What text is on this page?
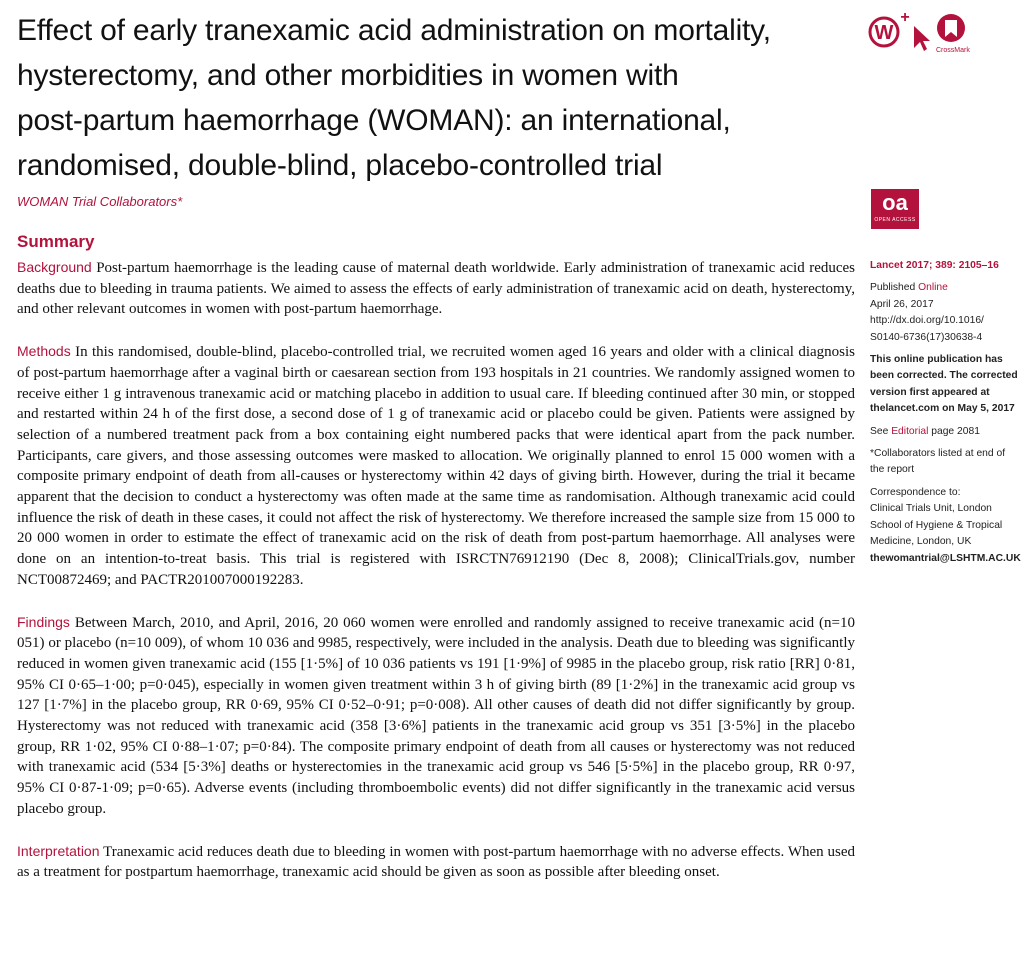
Effect of early tranexamic acid administration on mortality,
hysterectomy, and other morbidities in women with
post-partum haemorrhage (WOMAN): an international,
randomised, double-blind, placebo-controlled trial
W
+
CrossMark
WOMAN Trial Collaborators*	oa
OPEN ACCESS
Summary

Background Post-partum haemorrhage is the leading cause of maternal death worldwide. Early administration of tranexamic acid reduces deaths due to bleeding in trauma patients. We aimed to assess the effects of early administration of tranexamic acid on death, hysterectomy, and other relevant outcomes in women with post-partum haemorrhage.

Methods In this randomised, double-blind, placebo-controlled trial, we recruited women aged 16 years and older with a clinical diagnosis of post-partum haemorrhage after a vaginal birth or caesarean section from 193 hospitals in 21 countries. We randomly assigned women to receive either 1 g intravenous tranexamic acid or matching placebo in addition to usual care. If bleeding continued after 30 min, or stopped and restarted within 24 h of the first dose, a second dose of 1 g of tranexamic acid or placebo could be given. Patients were assigned by selection of a numbered treatment pack from a box containing eight numbered packs that were identical apart from the pack number. Participants, care givers, and those assessing outcomes were masked to allocation. We originally planned to enrol 15 000 women with a composite primary endpoint of death from all-causes or hysterectomy within 42 days of giving birth. However, during the trial it became apparent that the decision to conduct a hysterectomy was often made at the same time as randomisation. Although tranexamic acid could influence the risk of death in these cases, it could not affect the risk of hysterectomy. We therefore increased the sample size from 15 000 to 20 000 women in order to estimate the effect of tranexamic acid on the risk of death from post-partum haemorrhage. All analyses were done on an intention-to-treat basis. This trial is registered with ISRCTN76912190 (Dec 8, 2008); ClinicalTrials.gov, number NCT00872469; and PACTR201007000192283.

Findings Between March, 2010, and April, 2016, 20 060 women were enrolled and randomly assigned to receive tranexamic acid (n=10 051) or placebo (n=10 009), of whom 10 036 and 9985, respectively, were included in the analysis. Death due to bleeding was significantly reduced in women given tranexamic acid (155 [1·5%] of 10 036 patients vs 191 [1·9%] of 9985 in the placebo group, risk ratio [RR] 0·81, 95% CI 0·65–1·00; p=0·045), especially in women given treatment within 3 h of giving birth (89 [1·2%] in the tranexamic acid group vs 127 [1·7%] in the placebo group, RR 0·69, 95% CI 0·52–0·91; p=0·008). All other causes of death did not differ significantly by group. Hysterectomy was not reduced with tranexamic acid (358 [3·6%] patients in the tranexamic acid group vs 351 [3·5%] in the placebo group, RR 1·02, 95% CI 0·88–1·07; p=0·84). The composite primary endpoint of death from all causes or hysterectomy was not reduced with tranexamic acid (534 [5·3%] deaths or hysterectomies in the tranexamic acid group vs 546 [5·5%] in the placebo group, RR 0·97, 95% CI 0·87-1·09; p=0·65). Adverse events (including thromboembolic events) did not differ significantly in the tranexamic acid versus placebo group.

Interpretation Tranexamic acid reduces death due to bleeding in women with post-partum haemorrhage with no adverse effects. When used as a treatment for postpartum haemorrhage, tranexamic acid should be given as soon as possible after bleeding onset.

Lancet 2017; 389: 2105–16
Published Online
April 26, 2017
http://dx.doi.org/10.1016/
S0140-6736(17)30638-4
This online publication has
been corrected. The corrected
version first appeared at
thelancet.com on May 5, 2017
See Editorial page 2081
*Collaborators listed at end of
the report
Correspondence to:
Clinical Trials Unit, London
School of Hygiene & Tropical
Medicine, London, UK
thewomantrial@LSHTM.AC.UK
